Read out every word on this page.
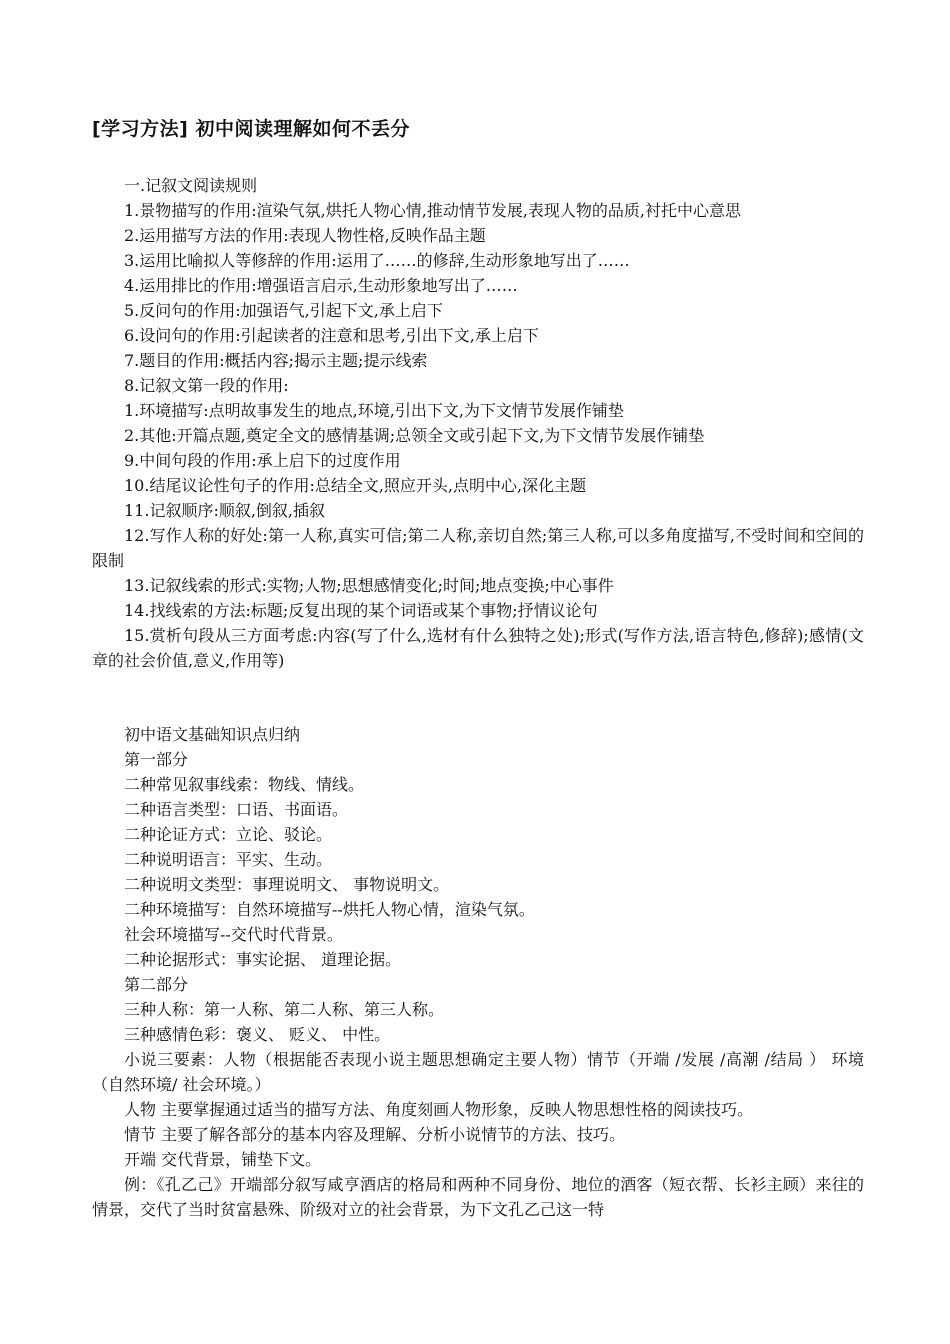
[学习方法] 初中阅读理解如何不丢分

一.记叙文阅读规则

1.景物描写的作用:渲染气氛,烘托人物心情,推动情节发展,表现人物的品质,衬托中心意思

2.运用描写方法的作用:表现人物性格,反映作品主题

3.运用比喻拟人等修辞的作用:运用了……的修辞,生动形象地写出了……

4.运用排比的作用:增强语言启示,生动形象地写出了……

5.反问句的作用:加强语气,引起下文,承上启下

6.设问句的作用:引起读者的注意和思考,引出下文,承上启下

7.题目的作用:概括内容;揭示主题;提示线索

8.记叙文第一段的作用:

1.环境描写:点明故事发生的地点,环境,引出下文,为下文情节发展作铺垫

2.其他:开篇点题,奠定全文的感情基调;总领全文或引起下文,为下文情节发展作铺垫

9.中间句段的作用:承上启下的过度作用

10.结尾议论性句子的作用:总结全文,照应开头,点明中心,深化主题

11.记叙顺序:顺叙,倒叙,插叙

12.写作人称的好处:第一人称,真实可信;第二人称,亲切自然;第三人称,可以多角度描写,不受时间和空间的限制

13.记叙线索的形式:实物;人物;思想感情变化;时间;地点变换;中心事件

14.找线索的方法:标题;反复出现的某个词语或某个事物;抒情议论句

15.赏析句段从三方面考虑:内容(写了什么,选材有什么独特之处);形式(写作方法,语言特色,修辞);感情(文章的社会价值,意义,作用等)

初中语文基础知识点归纳

第一部分

二种常见叙事线索：物线、情线。

二种语言类型：口语、书面语。

二种论证方式：立论、驳论。

二种说明语言：平实、生动。

二种说明文类型：事理说明文、 事物说明文。

二种环境描写：自然环境描写--烘托人物心情，渲染气氛。

社会环境描写--交代时代背景。

二种论据形式：事实论据、 道理论据。

第二部分

三种人称：第一人称、第二人称、第三人称。

三种感情色彩：褒义、 贬义、 中性。

小说三要素：人物（根据能否表现小说主题思想确定主要人物）情节（开端 /发展 /高潮 /结局 ） 环境（自然环境/ 社会环境。）

人物 主要掌握通过适当的描写方法、角度刻画人物形象，反映人物思想性格的阅读技巧。

情节 主要了解各部分的基本内容及理解、分析小说情节的方法、技巧。

开端 交代背景，铺垫下文。

例：《孔乙己》开端部分叙写咸亨酒店的格局和两种不同身份、地位的酒客（短衣帮、长衫主顾）来往的情景，交代了当时贫富悬殊、阶级对立的社会背景，为下文孔乙己这一特
